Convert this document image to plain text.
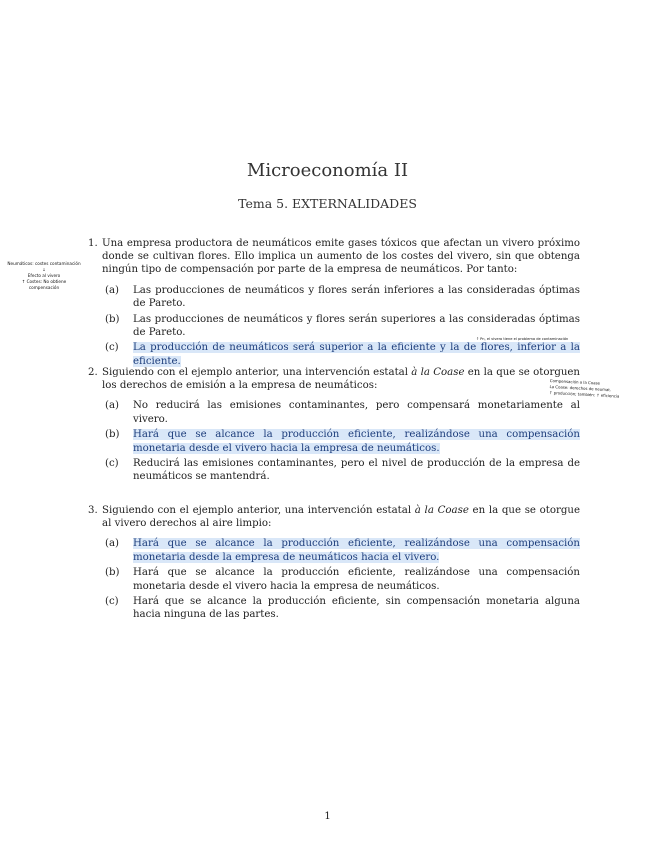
Microeconomía II
Tema 5. EXTERNALIDADES
1. Una empresa productora de neumáticos emite gases tóxicos que afectan un vivero próximo donde se cultivan flores. Ello implica un aumento de los costes del vivero, sin que obtenga ningún tipo de compensación por parte de la empresa de neumáticos. Por tanto:
(a)	Las producciones de neumáticos y flores serán inferiores a las consideradas óptimas de Pareto.
(b)	Las producciones de neumáticos y flores serán superiores a las consideradas óptimas de Pareto.
(c)	La producción de neumáticos será superior a la eficiente y la de flores, inferior a la eficiente.
2. Siguiendo con el ejemplo anterior, una intervención estatal à la Coase en la que se otorguen los derechos de emisión a la empresa de neumáticos:
(a)	No reducirá las emisiones contaminantes, pero compensará monetariamente al vivero.
(b)	Hará que se alcance la producción eficiente, realizándose una compensación monetaria desde el vivero hacia la empresa de neumáticos.
(c)	Reducirá las emisiones contaminantes, pero el nivel de producción de la empresa de neumáticos se mantendrá.
3. Siguiendo con el ejemplo anterior, una intervención estatal à la Coase en la que se otorgue al vivero derechos al aire limpio:
(a)	Hará que se alcance la producción eficiente, realizándose una compensación monetaria desde la empresa de neumáticos hacia el vivero.
(b)	Hará que se alcance la producción eficiente, realizándose una compensación monetaria desde el vivero hacia la empresa de neumáticos.
(c)	Hará que se alcance la producción eficiente, sin compensación monetaria alguna hacia ninguna de las partes.
Neumáticos: costes contaminación
↓
Efecto al vivero
↑ Costes: No obtiene compensación
↑ Pn, el vivero tiene el problema de contaminación
Compensación a la Coase
La Coase: derechos de neumat.
↑ producción; también: ↑ eficiencia
1
